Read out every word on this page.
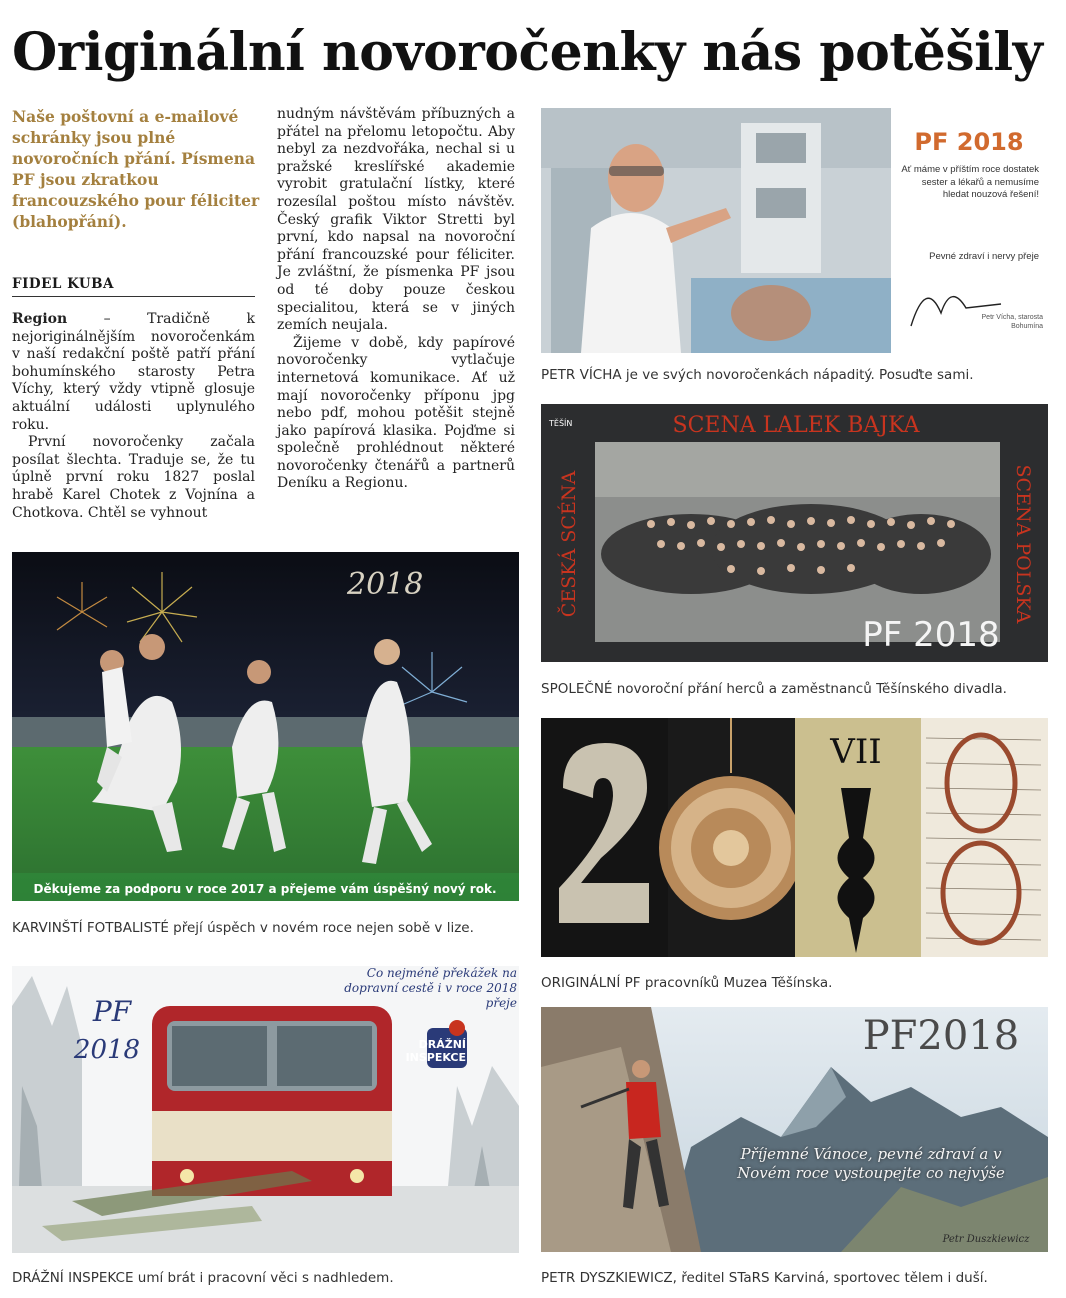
Originální novoročenky nás potěšily
Naše poštovní a e-mailové schránky jsou plné novoročních přání. Písmena PF jsou zkratkou francouzského pour féliciter (blahopřání).
FIDEL KUBA

Region – Tradičně k nejoriginálnějším novoročenkám v naší redakční poště patří přání bohumínského starosty Petra Víchy, který vždy vtipně glosuje aktuální události uplynulého roku.

První novoročenky začala posílat šlechta. Traduje se, že tu úplně první roku 1827 poslal hrabě Karel Chotek z Vojnína a Chotkova. Chtěl se vyhnout

nudným návštěvám příbuzných a přátel na přelomu letopočtu. Aby nebyl za nezdvořáka, nechal si u pražské kreslířské akademie vyrobit gratulační lístky, které rozesílal poštou místo návštěv. Český grafik Viktor Stretti byl první, kdo napsal na novoroční přání francouzské pour féliciter. Je zvláštní, že písmenka PF jsou od té doby pouze českou specialitou, která se v jiných zemích neujala.

Žijeme v době, kdy papírové novoročenky vytlačuje internetová komunikace. Ať už mají novoročenky příponu jpg nebo pdf, mohou potěšit stejně jako papírová klasika. Pojďme si společně prohlédnout některé novoročenky čtenářů a partnerů Deníku a Regionu.

PF 2018
Ať máme v příštím roce dostatek sester a lékařů a nemusíme hledat nouzová řešení!
Pevné zdraví i nervy přeje
Petr Vícha, starosta Bohumína
PETR VÍCHA je ve svých novoročenkách nápaditý. Posuďte sami.
TĚŠÍN	SCENA LALEK BAJKA
ČESKÁ SCÉNA	SCENA POLSKA
PF 2018
SPOLEČNÉ novoroční přání herců a zaměstnanců Těšínského divadla.
2018
Děkujeme za podporu v roce 2017 a přejeme vám úspěšný nový rok.
KARVINŠTÍ FOTBALISTÉ přejí úspěch v novém roce nejen sobě v lize.
VII
ORIGINÁLNÍ PF pracovníků Muzea Těšínska.
PF
2018
Co nejméně překážek na dopravní cestě i v roce 2018 přeje
DRÁŽNÍ INSPEKCE
DRÁŽNÍ INSPEKCE umí brát i pracovní věci s nadhledem.
PF2018
Příjemné Vánoce, pevné zdraví a v Novém roce vystoupejte co nejvýše
Petr Duszkiewicz
PETR DYSZKIEWICZ, ředitel STaRS Karviná, sportovec tělem i duší.
